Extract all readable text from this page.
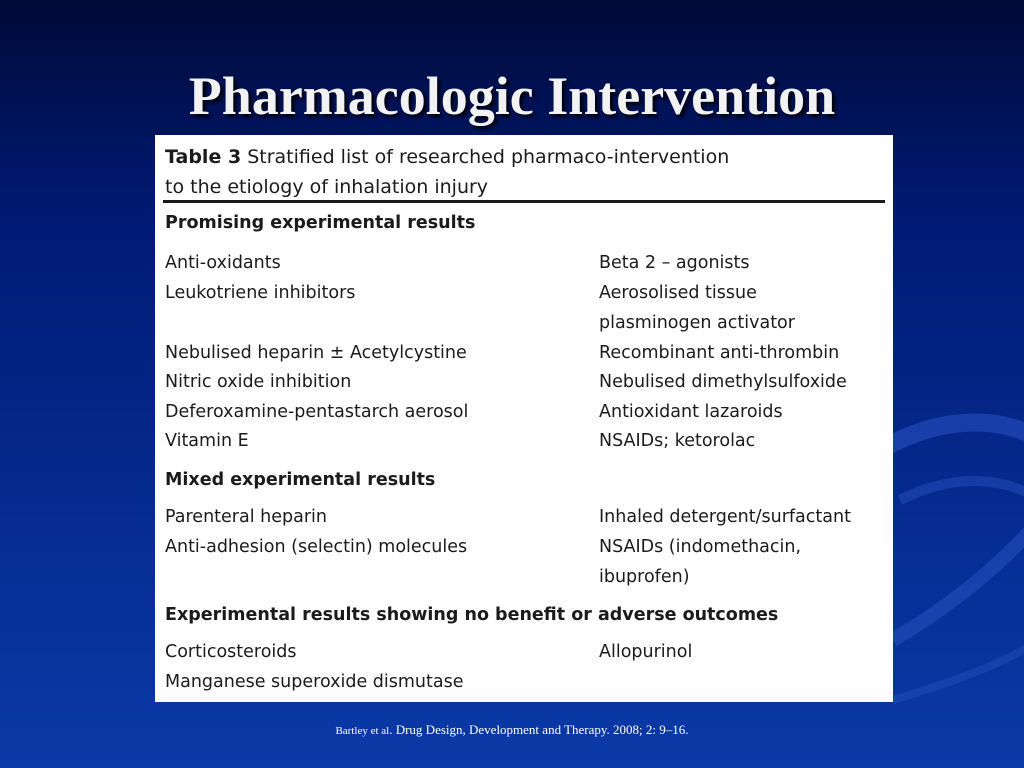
Pharmacologic Intervention
Table 3 Stratified list of researched pharmaco-intervention
to the etiology of inhalation injury
Promising experimental results
Anti-oxidants	Beta 2 – agonists
Leukotriene inhibitors	Aerosolised tissue
plasminogen activator
Nebulised heparin ± Acetylcystine	Recombinant anti-thrombin
Nitric oxide inhibition	Nebulised dimethylsulfoxide
Deferoxamine-pentastarch aerosol	Antioxidant lazaroids
Vitamin E	NSAIDs; ketorolac
Mixed experimental results
Parenteral heparin	Inhaled detergent/surfactant
Anti-adhesion (selectin) molecules	NSAIDs (indomethacin,
ibuprofen)
Experimental results showing no benefit or adverse outcomes
Corticosteroids	Allopurinol
Manganese superoxide dismutase
Bartley et al. Drug Design, Development and Therapy. 2008; 2: 9–16.
